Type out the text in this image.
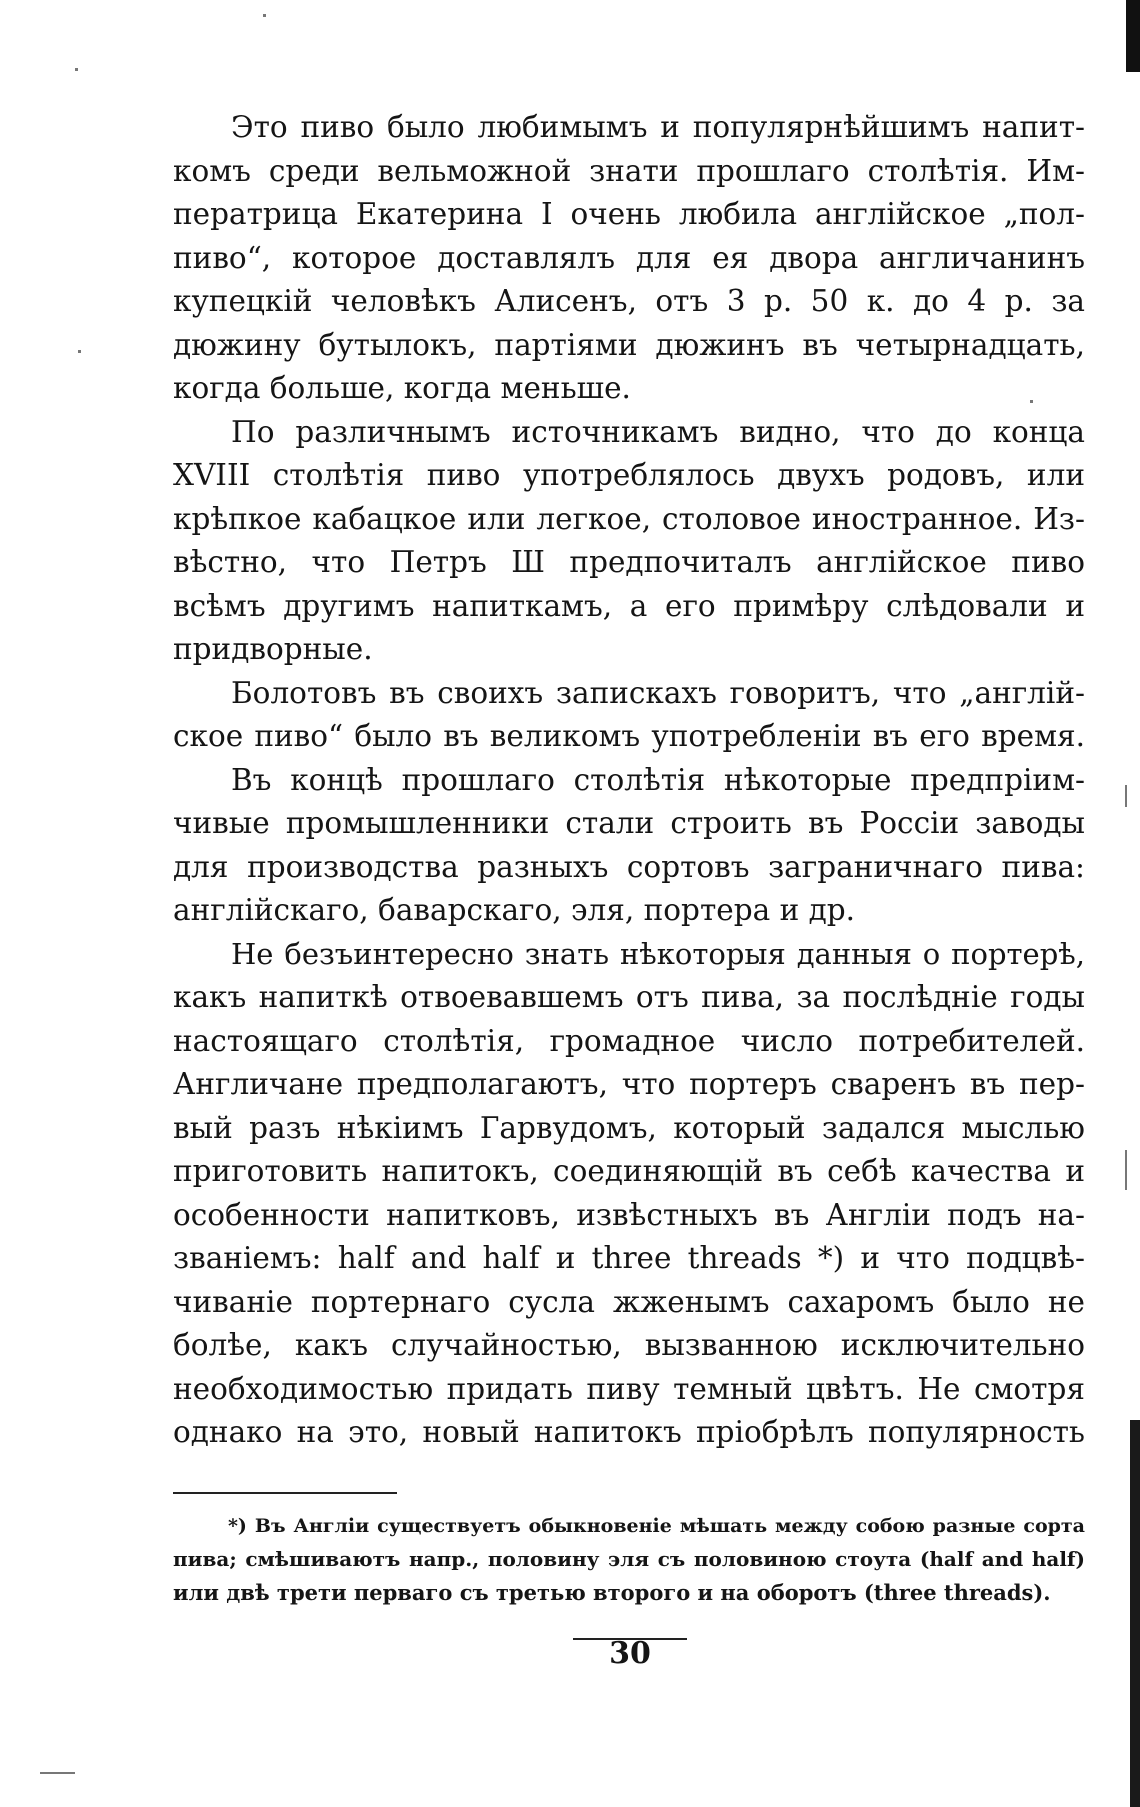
Это пиво было любимымъ и популярнѣйшимъ напит-
комъ среди вельможной знати прошлаго столѣтія. Им-
ператрица Екатерина I очень любила англійское „пол-
пиво“, которое доставлялъ для ея двора англичанинъ
купецкій человѣкъ Алисенъ, отъ 3 р. 50 к. до 4 р. за
дюжину бутылокъ, партіями дюжинъ въ четырнадцать,
когда больше, когда меньше.
По различнымъ источникамъ видно, что до конца
XVIII столѣтія пиво употреблялось двухъ родовъ, или
крѣпкое кабацкое или легкое, столовое иностранное. Из-
вѣстно, что Петръ Ш предпочиталъ англійское пиво
всѣмъ другимъ напиткамъ, а его примѣру слѣдовали и
придворные.
Болотовъ въ своихъ запискахъ говоритъ, что „англій-
ское пиво“ было въ великомъ употребленіи въ его время.
Въ концѣ прошлаго столѣтія нѣкоторые предпріим-
чивые промышленники стали строить въ Россіи заводы
для производства разныхъ сортовъ заграничнаго пива:
англійскаго, баварскаго, эля, портера и др.
Не безъинтересно знать нѣкоторыя данныя о портерѣ,
какъ напиткѣ отвоевавшемъ отъ пива, за послѣдніе годы
настоящаго столѣтія, громадное число потребителей.
Англичане предполагаютъ, что портеръ сваренъ въ пер-
вый разъ нѣкіимъ Гарвудомъ, который задался мыслью
приготовить напитокъ, соединяющій въ себѣ качества и
особенности напитковъ, извѣстныхъ въ Англіи подъ на-
званіемъ: half and half и three threads *) и что подцвѣ-
чиваніе портернаго сусла жженымъ сахаромъ было не
болѣе, какъ случайностью, вызванною исключительно
необходимостью придать пиву темный цвѣтъ. Не смотря
однако на это, новый напитокъ пріобрѣлъ популярность
*) Въ Англіи существуетъ обыкновеніе мѣшать между собою разные сорта
пива; смѣшиваютъ напр., половину эля съ половиною стоута (half and half)
или двѣ трети перваго съ третью второго и на оборотъ (three threads).
30
